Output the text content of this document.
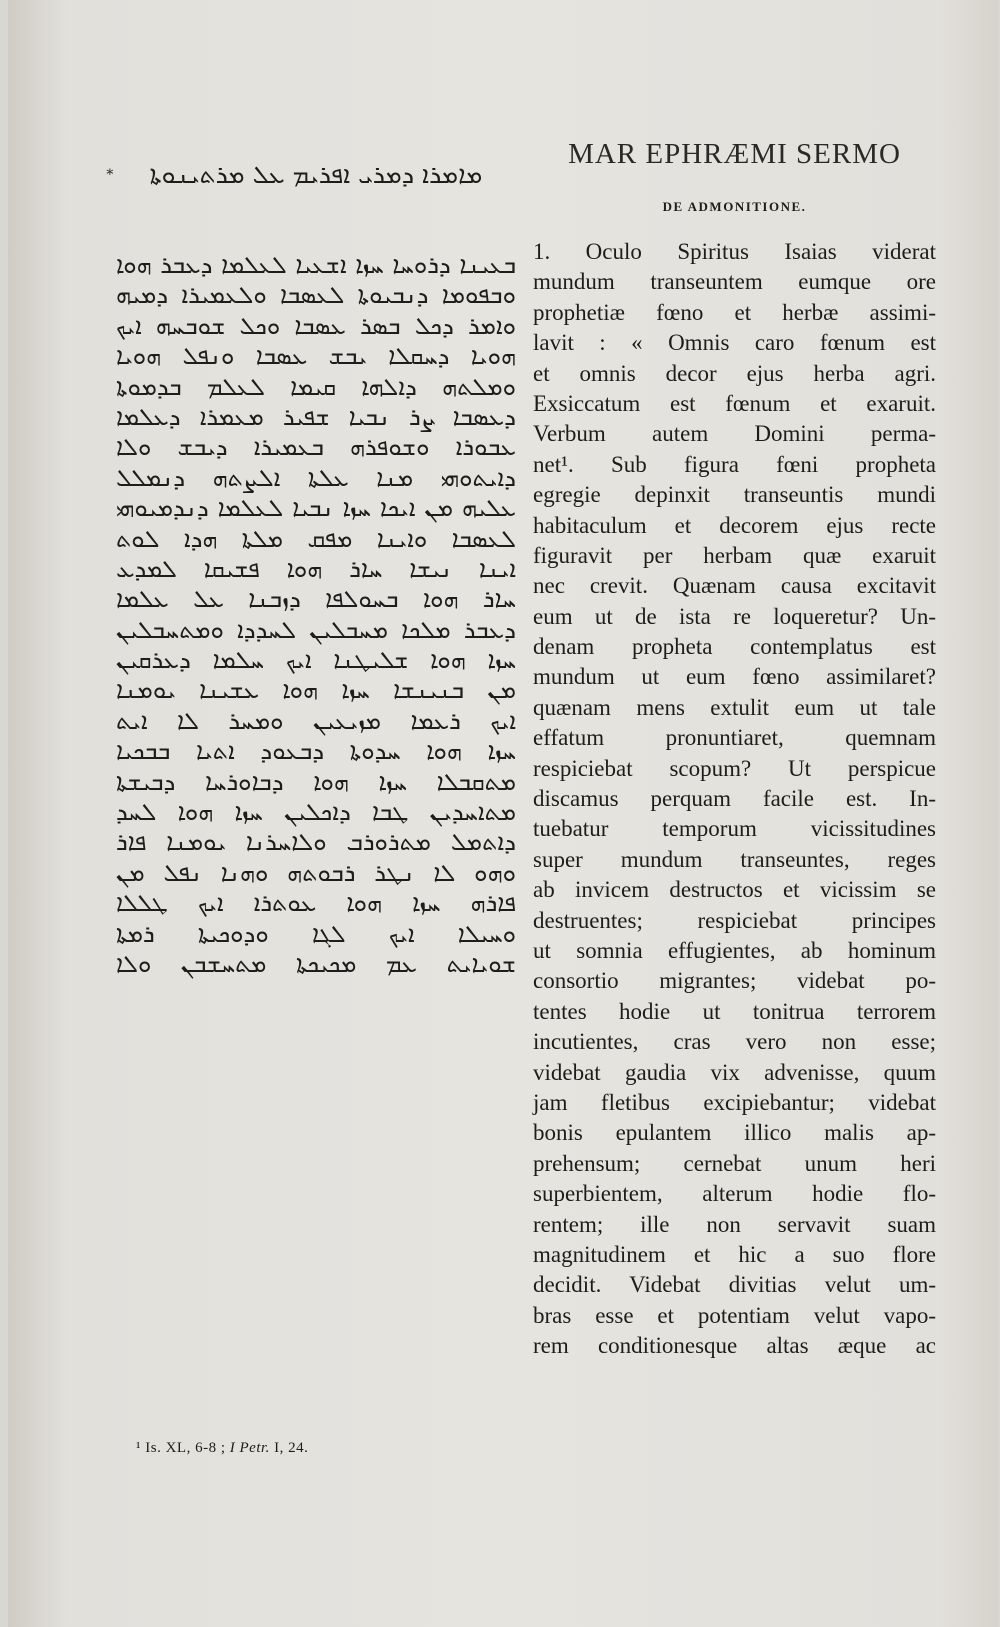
∗	ܡܐܡܪܐ ܕܡܪܝ ܐܦܪܝܡ ܥܠ ܡܪܬܝܢܘܬܐ
ܒܥܝܢܐ ܕܪܘܚܐ ܚܙܐ ܐܫܥܝܐ ܠܥܠܡܐ ܕܥܒܪ ܗܘܐ
ܘܒܦܘܡܐ ܕܢܒܝܘܬܐ ܠܥܣܒܐ ܘܠܥܡܝܪܐ ܕܡܝܗ
ܘܐܡܪ ܕܟܠ ܒܣܪ ܥܣܒܐ ܘܟܠ ܫܘܒܚܗ ܐܝܟ
ܗܘܝܐ ܕܚܩܠܐ ܝܒܫ ܥܣܒܐ ܘܢܦܠ ܗܘܝܐ
ܘܡܠܬܗ ܕܐܠܗܐ ܩܝܡܐ ܠܥܠܡ ܒܕܡܘܬܐ
ܕܥܣܒܐ ܨܪ ܢܒܝܐ ܫܦܝܪ ܡܥܡܪܐ ܕܥܠܡܐ
ܥܒܘܪܐ ܘܫܘܦܪܗ ܒܥܡܝܪܐ ܕܝܒܫ ܘܠܐ
ܕܐܝܬܘܗܝ ܡܢܐ ܥܠܬܐ ܐܠܨܬܗ ܕܢܡܠܠ
ܥܠܝܗ ܡܢ ܐܝܟܐ ܚܙܐ ܢܒܝܐ ܠܥܠܡܐ ܕܢܕܡܝܘܗܝ
ܠܥܣܒܐ ܘܐܝܢܐ ܡܦܩ ܡܠܬܐ ܗܕܐ ܠܘܬ
ܐܝܢܐ ܢܝܫܐ ܚܐܪ ܗܘܐ ܦܫܝܩܐ ܠܡܕܥ
ܚܐܪ ܗܘܐ ܒܚܘܠܦܐ ܕܙܒܢܐ ܥܠ ܥܠܡܐ
ܕܥܒܪ ܡܠܟܐ ܡܚܒܠܝܢ ܠܚܕܕܐ ܘܡܬܚܒܠܝܢ
ܚܙܐ ܗܘܐ ܫܠܝܛܢܐ ܐܝܟ ܚܠܡܐ ܕܥܪܩܝܢ
ܡܢ ܒܢܝܢܫܐ ܚܙܐ ܗܘܐ ܥܫܝܢܐ ܝܘܡܢܐ
ܐܝܟ ܪܥܡܐ ܡܙܝܥܝܢ ܘܡܚܪ ܠܐ ܐܝܬ
ܚܙܐ ܗܘܐ ܚܕܘܬܐ ܕܒܥܘܕ ܐܬܝܐ ܒܒܟܝܐ
ܡܬܩܒܠܐ ܚܙܐ ܗܘܐ ܕܒܐܘܪܚܐ ܕܒܝܫܬܐ
ܡܬܐܚܕܝܢ ܛܒܐ ܕܐܟܠܝܢ ܚܙܐ ܗܘܐ ܠܚܕ
ܕܐܬܡܠ ܡܬܪܘܪܒ ܘܠܐܚܪܢܐ ܝܘܡܢܐ ܦܐܪ
ܘܗܘ ܠܐ ܢܛܪ ܪܒܘܬܗ ܘܗܢܐ ܢܦܠ ܡܢ
ܦܐܪܗ ܚܙܐ ܗܘܐ ܥܘܬܪܐ ܐܝܟ ܛܠܠܐ
ܘܚܝܠܐ ܐܝܟ ܠܓܐ ܘܕܘܟܝܬܐ ܪܡܬܐ
ܫܘܝܐܝܬ ܥܡ ܡܟܝܟܬܐ ܡܬܚܫܒܢ ܘܠܐ
MAR EPHRÆMI SERMO
DE ADMONITIONE.
1. Oculo Spiritus Isaias viderat
mundum transeuntem eumque ore
prophetiæ fœno et herbæ assimi-
lavit : « Omnis caro fœnum est
et omnis decor ejus herba agri.
Exsiccatum est fœnum et exaruit.
Verbum autem Domini perma-
net¹. Sub figura fœni propheta
egregie depinxit transeuntis mundi
habitaculum et decorem ejus recte
figuravit per herbam quæ exaruit
nec crevit. Quænam causa excitavit
eum ut de ista re loqueretur? Un-
denam propheta contemplatus est
mundum ut eum fœno assimilaret?
quænam mens extulit eum ut tale
effatum pronuntiaret, quemnam
respiciebat scopum? Ut perspicue
discamus perquam facile est. In-
tuebatur temporum vicissitudines
super mundum transeuntes, reges
ab invicem destructos et vicissim se
destruentes; respiciebat principes
ut somnia effugientes, ab hominum
consortio migrantes; videbat po-
tentes hodie ut tonitrua terrorem
incutientes, cras vero non esse;
videbat gaudia vix advenisse, quum
jam fletibus excipiebantur; videbat
bonis epulantem illico malis ap-
prehensum; cernebat unum heri
superbientem, alterum hodie flo-
rentem; ille non servavit suam
magnitudinem et hic a suo flore
decidit. Videbat divitias velut um-
bras esse et potentiam velut vapo-
rem conditionesque altas æque ac
¹ Is. XL, 6-8 ; I Petr. I, 24.
